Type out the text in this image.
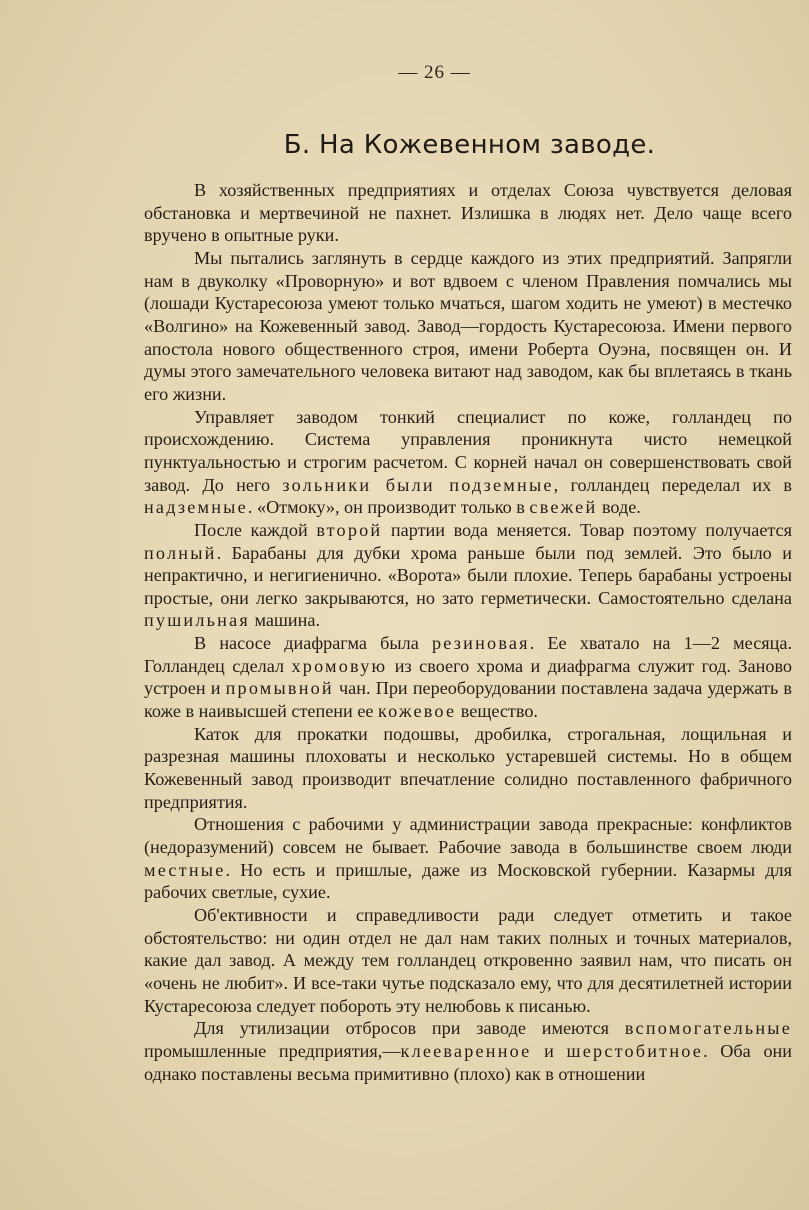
— 26 —
Б. На Кожевенном заводе.

В хозяйственных предприятиях и отделах Союза чувствуется деловая обстановка и мертвечиной не пахнет. Излишка в людях нет. Дело чаще всего вручено в опытные руки.

Мы пытались заглянуть в сердце каждого из этих предприятий. Запрягли нам в двуколку «Проворную» и вот вдвоем с членом Правления помчались мы (лошади Кустаресоюза умеют только мчаться, шагом ходить не умеют) в местечко «Волгино» на Кожевенный завод. Завод—гордость Кустаресоюза. Имени первого апостола нового общественного строя, имени Роберта Оуэна, посвящен он. И думы этого замечательного человека витают над заводом, как бы вплетаясь в ткань его жизни.

Управляет заводом тонкий специалист по коже, голландец по происхождению. Система управления проникнута чисто немецкой пунктуальностью и строгим расчетом. С корней начал он совершенствовать свой завод. До него зольники были подземные, голландец переделал их в надземные. «Отмоку», он производит только в свежей воде.

После каждой второй партии вода меняется. Товар поэтому получается полный. Барабаны для дубки хрома раньше были под землей. Это было и непрактично, и негигиенично. «Ворота» были плохие. Теперь барабаны устроены простые, они легко закрываются, но зато герметически. Самостоятельно сделана пушильная машина.

В насосе диафрагма была резиновая. Ее хватало на 1—2 месяца. Голландец сделал хромовую из своего хрома и диафрагма служит год. Заново устроен и промывной чан. При переоборудовании поставлена задача удержать в коже в наивысшей степени ее кожевое вещество.

Каток для прокатки подошвы, дробилка, строгальная, лощильная и разрезная машины плоховаты и несколько устаревшей системы. Но в общем Кожевенный завод производит впечатление солидно поставленного фабричного предприятия.

Отношения с рабочими у администрации завода прекрасные: конфликтов (недоразумений) совсем не бывает. Рабочие завода в большинстве своем люди местные. Но есть и пришлые, даже из Московской губернии. Казармы для рабочих светлые, сухие.

Об'ективности и справедливости ради следует отметить и такое обстоятельство: ни один отдел не дал нам таких полных и точных материалов, какие дал завод. А между тем голландец откровенно заявил нам, что писать он «очень не любит». И все-таки чутье подсказало ему, что для десятилетней истории Кустаресоюза следует побороть эту нелюбовь к писанью.

Для утилизации отбросов при заводе имеются вспомогательные промышленные предприятия,—клееваренное и шерстобитное. Оба они однако поставлены весьма примитивно (плохо) как в отношении
